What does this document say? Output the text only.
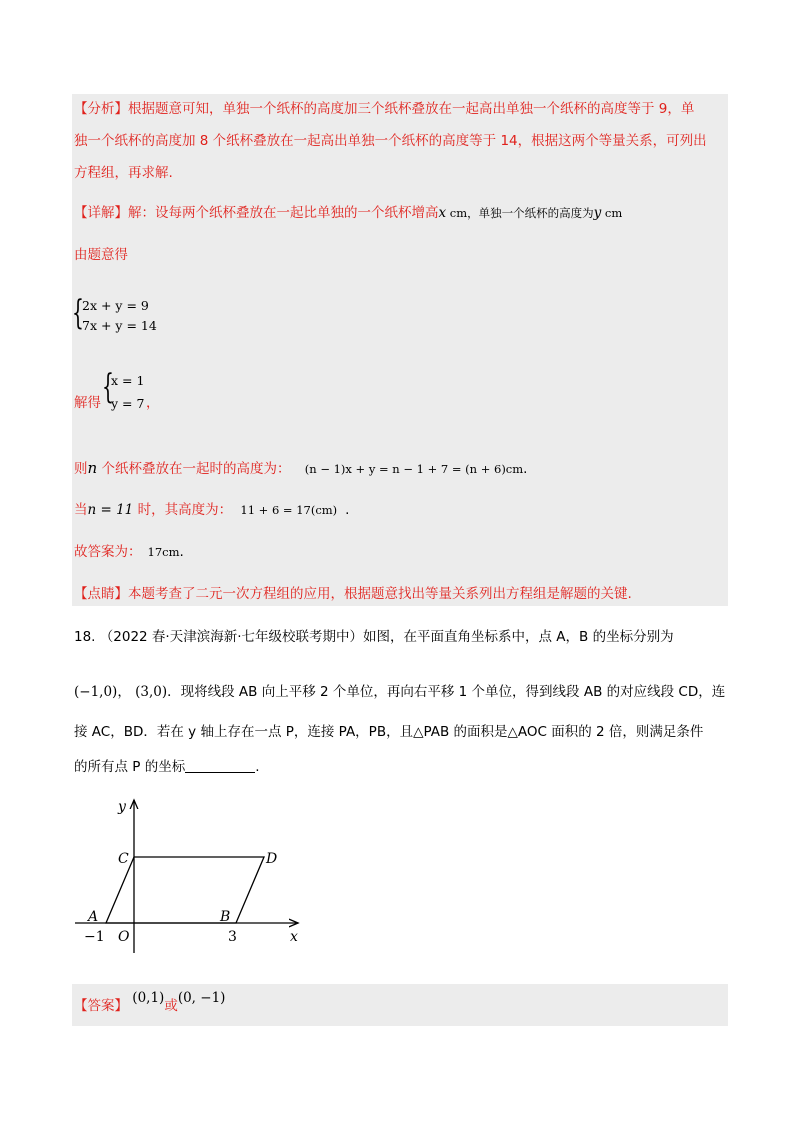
【分析】根据题意可知，单独一个纸杯的高度加三个纸杯叠放在一起高出单独一个纸杯的高度等于 9，单
独一个纸杯的高度加 8 个纸杯叠放在一起高出单独一个纸杯的高度等于 14，根据这两个等量关系，可列出
方程组，再求解.
【详解】解：设每两个纸杯叠放在一起比单独的一个纸杯增高x cm，单独一个纸杯的高度为y cm
由题意得
{
2x + y = 9
7x + y = 14
解得 {
x = 1
y = 7 ，
则n 个纸杯叠放在一起时的高度为： (n − 1)x + y = n − 1 + 7 = (n + 6)cm.
当n = 11 时，其高度为： 11 + 6 = 17(cm) .
故答案为： 17cm.
【点睛】本题考查了二元一次方程组的应用，根据题意找出等量关系列出方程组是解题的关键.
18. （2022 春·天津滨海新·七年级校联考期中）如图，在平面直角坐标系中，点 A，B 的坐标分别为
(−1,0)， (3,0)．现将线段 AB 向上平移 2 个单位，再向右平移 1 个单位，得到线段 AB 的对应线段 CD，连
接 AC，BD．若在 y 轴上存在一点 P，连接 PA，PB，且△PAB 的面积是△AOC 面积的 2 倍，则满足条件
的所有点 P 的坐标	.
y
x
C	D
A	B
O
−1	3
【答案】 (0,1)或(0, −1)
